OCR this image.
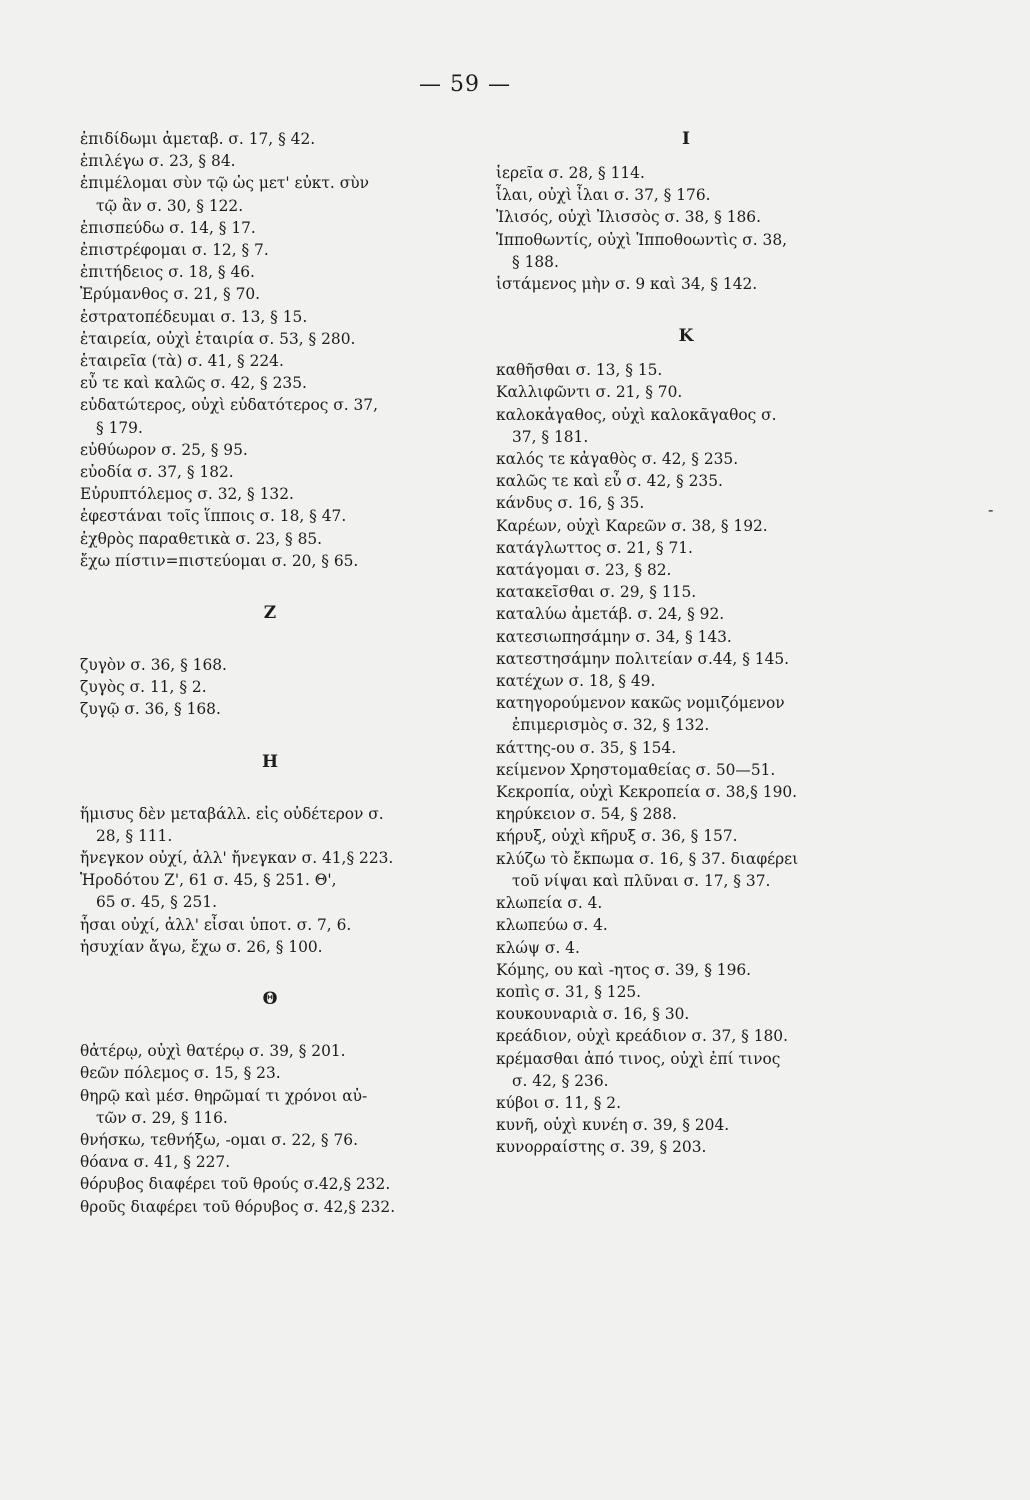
— 59 —
ἐπιδίδωμι ἀμεταβ. σ. 17, § 42.
ἐπιλέγω σ. 23, § 84.
ἐπιμέλομαι σὺν τῷ ὡς μετ' εὐκτ. σὺν
τῷ ἂν σ. 30, § 122.
ἐπισπεύδω σ. 14, § 17.
ἐπιστρέφομαι σ. 12, § 7.
ἐπιτήδειος σ. 18, § 46.
Ἐρύμανθος σ. 21, § 70.
ἐστρατοπέδευμαι σ. 13, § 15.
ἑταιρεία, οὐχὶ ἑταιρία σ. 53, § 280.
ἑταιρεῖα (τὰ) σ. 41, § 224.
εὖ τε καὶ καλῶς σ. 42, § 235.
εὐδατώτερος, οὐχὶ εὐδατότερος σ. 37,
§ 179.
εὐθύωρον σ. 25, § 95.
εὐοδία σ. 37, § 182.
Εὐρυπτόλεμος σ. 32, § 132.
ἐφεστάναι τοῖς ἵπποις σ. 18, § 47.
ἐχθρὸς παραθετικὰ σ. 23, § 85.
ἔχω πίστιν=πιστεύομαι σ. 20, § 65.
Z
ζυγὸν σ. 36, § 168.
ζυγὸς σ. 11, § 2.
ζυγῷ σ. 36, § 168.
H
ἥμισυς δὲν μεταβάλλ. εἰς οὐδέτερον σ.
28, § 111.
ἤνεγκον οὐχί, ἀλλ' ἤνεγκαν σ. 41,§ 223.
Ἡροδότου Ζ', 61 σ. 45, § 251. Θ',
65 σ. 45, § 251.
ἧσαι οὐχί, ἀλλ' εἶσαι ὑποτ. σ. 7, 6.
ἡσυχίαν ἄγω, ἔχω σ. 26, § 100.
Θ
θἀτέρῳ, οὐχὶ θατέρῳ σ. 39, § 201.
θεῶν πόλεμος σ. 15, § 23.
θηρῷ καὶ μέσ. θηρῶμαί τι χρόνοι αὐ-
τῶν σ. 29, § 116.
θνήσκω, τεθνήξω, -ομαι σ. 22, § 76.
θόανα σ. 41, § 227.
θόρυβος διαφέρει τοῦ θρούς σ.42,§ 232.
θροῦς διαφέρει τοῦ θόρυβος σ. 42,§ 232.
I
ἱερεῖα σ. 28, § 114.
ἶλαι, οὐχὶ ἶλαι σ. 37, § 176.
Ἰλισός, οὐχὶ Ἰλισσὸς σ. 38, § 186.
Ἱπποθωντίς, οὐχὶ Ἱπποθοωντὶς σ. 38,
§ 188.
ἱστάμενος μὴν σ. 9 καὶ 34, § 142.
K
καθῆσθαι σ. 13, § 15.
Καλλιφῶντι σ. 21, § 70.
καλοκἀγαθος, οὐχὶ καλοκᾶγαθος σ.
37, § 181.
καλός τε κἀγαθὸς σ. 42, § 235.
καλῶς τε καὶ εὖ σ. 42, § 235.
κάνδυς σ. 16, § 35.
Καρέων, οὐχὶ Καρεῶν σ. 38, § 192.
κατάγλωττος σ. 21, § 71.
κατάγομαι σ. 23, § 82.
κατακεῖσθαι σ. 29, § 115.
καταλύω ἀμετάβ. σ. 24, § 92.
κατεσιωπησάμην σ. 34, § 143.
κατεστησάμην πολιτείαν σ.44, § 145.
κατέχων σ. 18, § 49.
κατηγορούμενον κακῶς νομιζόμενον
ἐπιμερισμὸς σ. 32, § 132.
κάττης-ου σ. 35, § 154.
κείμενον Χρηστομαθείας σ. 50—51.
Κεκροπία, οὐχὶ Κεκροπεία σ. 38,§ 190.
κηρύκειον σ. 54, § 288.
κήρυξ, οὐχὶ κῆρυξ σ. 36, § 157.
κλύζω τὸ ἔκπωμα σ. 16, § 37. διαφέρει
τοῦ νίψαι καὶ πλῦναι σ. 17, § 37.
κλωπεία σ. 4.
κλωπεύω σ. 4.
κλώψ σ. 4.
Κόμης, ου καὶ -ητος σ. 39, § 196.
κοπὶς σ. 31, § 125.
κουκουναριὰ σ. 16, § 30.
κρεάδιον, οὐχὶ κρεάδιον σ. 37, § 180.
κρέμασθαι ἀπό τινος, οὐχὶ ἐπί τινος
σ. 42, § 236.
κύβοι σ. 11, § 2.
κυνῆ, οὐχὶ κυνέη σ. 39, § 204.
κυνορραίστης σ. 39, § 203.
-
